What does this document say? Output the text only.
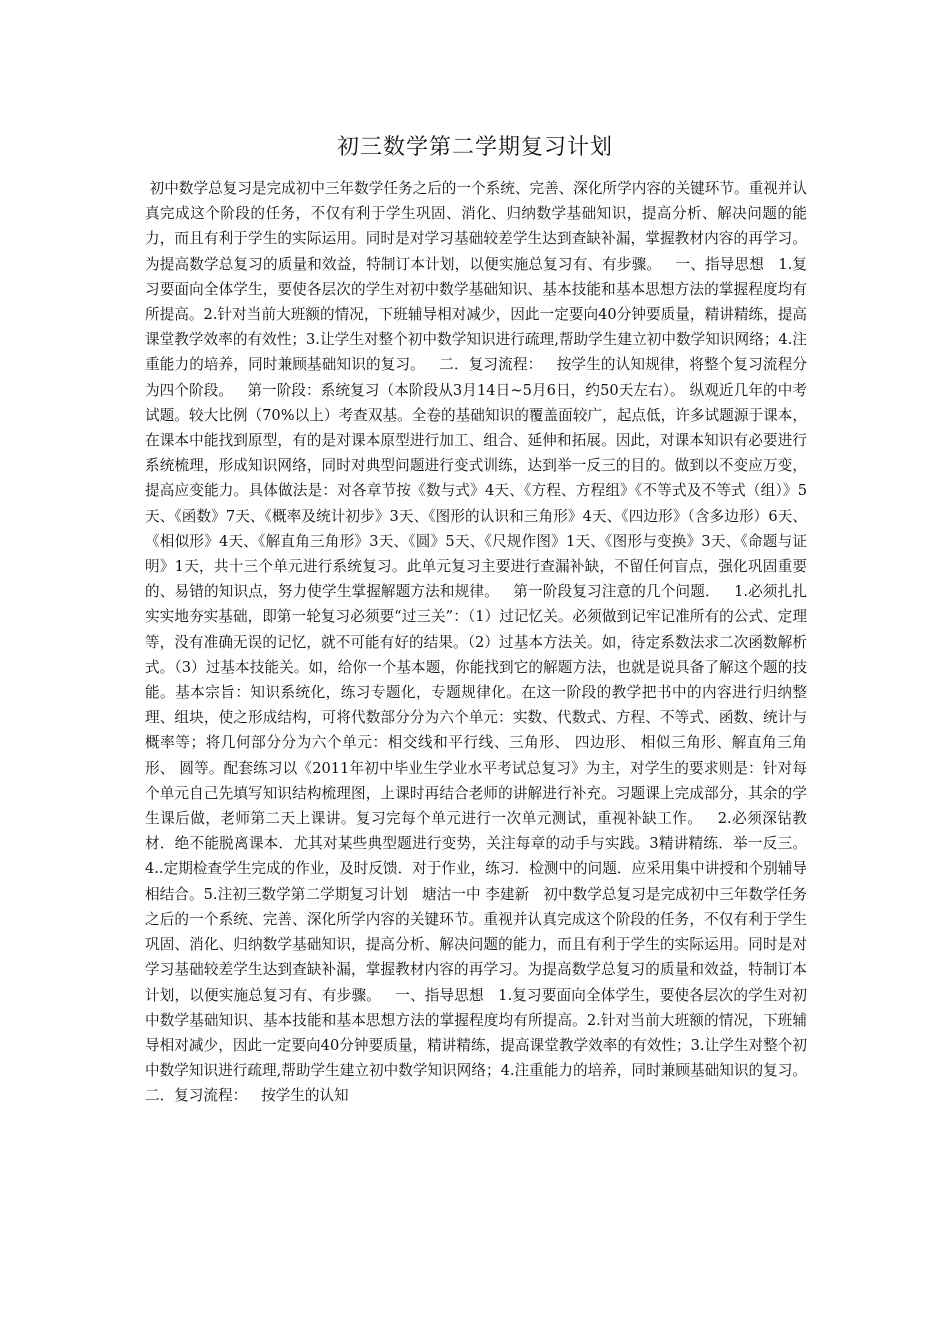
初三数学第二学期复习计划

初中数学总复习是完成初中三年数学任务之后的一个系统、完善、深化所学内容的关键环节。重视并认真完成这个阶段的任务，不仅有利于学生巩固、消化、归纳数学基础知识，提高分析、解决问题的能力，而且有利于学生的实际运用。同时是对学习基础较差学生达到查缺补漏，掌握教材内容的再学习。为提高数学总复习的质量和效益，特制订本计划，以便实施总复习有、有步骤。   一、指导思想   1.复习要面向全体学生，要使各层次的学生对初中数学基础知识、基本技能和基本思想方法的掌握程度均有所提高。2.针对当前大班额的情况，下班辅导相对减少，因此一定要向40分钟要质量，精讲精练，提高课堂教学效率的有效性；3.让学生对整个初中数学知识进行疏理,帮助学生建立初中数学知识网络；4.注重能力的培养，同时兼顾基础知识的复习。   二．复习流程：   按学生的认知规律，将整个复习流程分为四个阶段。   第一阶段：系统复习（本阶段从3月14日~5月6日，约50天左右）。 纵观近几年的中考试题。较大比例（70%以上）考查双基。全卷的基础知识的覆盖面较广，起点低，许多试题源于课本，在课本中能找到原型，有的是对课本原型进行加工、组合、延伸和拓展。因此，对课本知识有必要进行系统梳理，形成知识网络，同时对典型问题进行变式训练，达到举一反三的目的。做到以不变应万变，提高应变能力。具体做法是：对各章节按《数与式》4天、《方程、方程组》《不等式及不等式（组）》5天、《函数》7天、《概率及统计初步》3天、《图形的认识和三角形》4天、《四边形》（含多边形）6天、《相似形》4天、《解直角三角形》3天、《圆》5天、《尺规作图》1天、《图形与变换》3天、《命题与证明》1天，共十三个单元进行系统复习。此单元复习主要进行查漏补缺，不留任何盲点，强化巩固重要的、易错的知识点，努力使学生掌握解题方法和规律。   第一阶段复习注意的几个问题．   1.必须扎扎实实地夯实基础，即第一轮复习必须要“过三关”：（1）过记忆关。必须做到记牢记准所有的公式、定理等，没有准确无误的记忆，就不可能有好的结果。（2）过基本方法关。如，待定系数法求二次函数解析式。（3）过基本技能关。如，给你一个基本题，你能找到它的解题方法，也就是说具备了解这个题的技能。基本宗旨：知识系统化，练习专题化，专题规律化。在这一阶段的教学把书中的内容进行归纳整理、组块，使之形成结构，可将代数部分分为六个单元：实数、代数式、方程、不等式、函数、统计与概率等；将几何部分分为六个单元：相交线和平行线、三角形、 四边形、 相似三角形、解直角三角形、 圆等。配套练习以《2011年初中毕业生学业水平考试总复习》为主，对学生的要求则是：针对每个单元自己先填写知识结构梳理图，上课时再结合老师的讲解进行补充。习题课上完成部分，其余的学生课后做，老师第二天上课讲。复习完每个单元进行一次单元测试，重视补缺工作。   2.必须深钻教材．绝不能脱离课本．尤其对某些典型题进行变势，关注每章的动手与实践。3精讲精练．举一反三。4..定期检查学生完成的作业，及时反馈．对于作业，练习．检测中的问题．应采用集中讲授和个别辅导相结合。5.注初三数学第二学期复习计划   塘沽一中 李建新   初中数学总复习是完成初中三年数学任务之后的一个系统、完善、深化所学内容的关键环节。重视并认真完成这个阶段的任务，不仅有利于学生巩固、消化、归纳数学基础知识，提高分析、解决问题的能力，而且有利于学生的实际运用。同时是对学习基础较差学生达到查缺补漏，掌握教材内容的再学习。为提高数学总复习的质量和效益，特制订本计划，以便实施总复习有、有步骤。   一、指导思想   1.复习要面向全体学生，要使各层次的学生对初中数学基础知识、基本技能和基本思想方法的掌握程度均有所提高。2.针对当前大班额的情况，下班辅导相对减少，因此一定要向40分钟要质量，精讲精练，提高课堂教学效率的有效性；3.让学生对整个初中数学知识进行疏理,帮助学生建立初中数学知识网络；4.注重能力的培养，同时兼顾基础知识的复习。   二．复习流程：   按学生的认知
